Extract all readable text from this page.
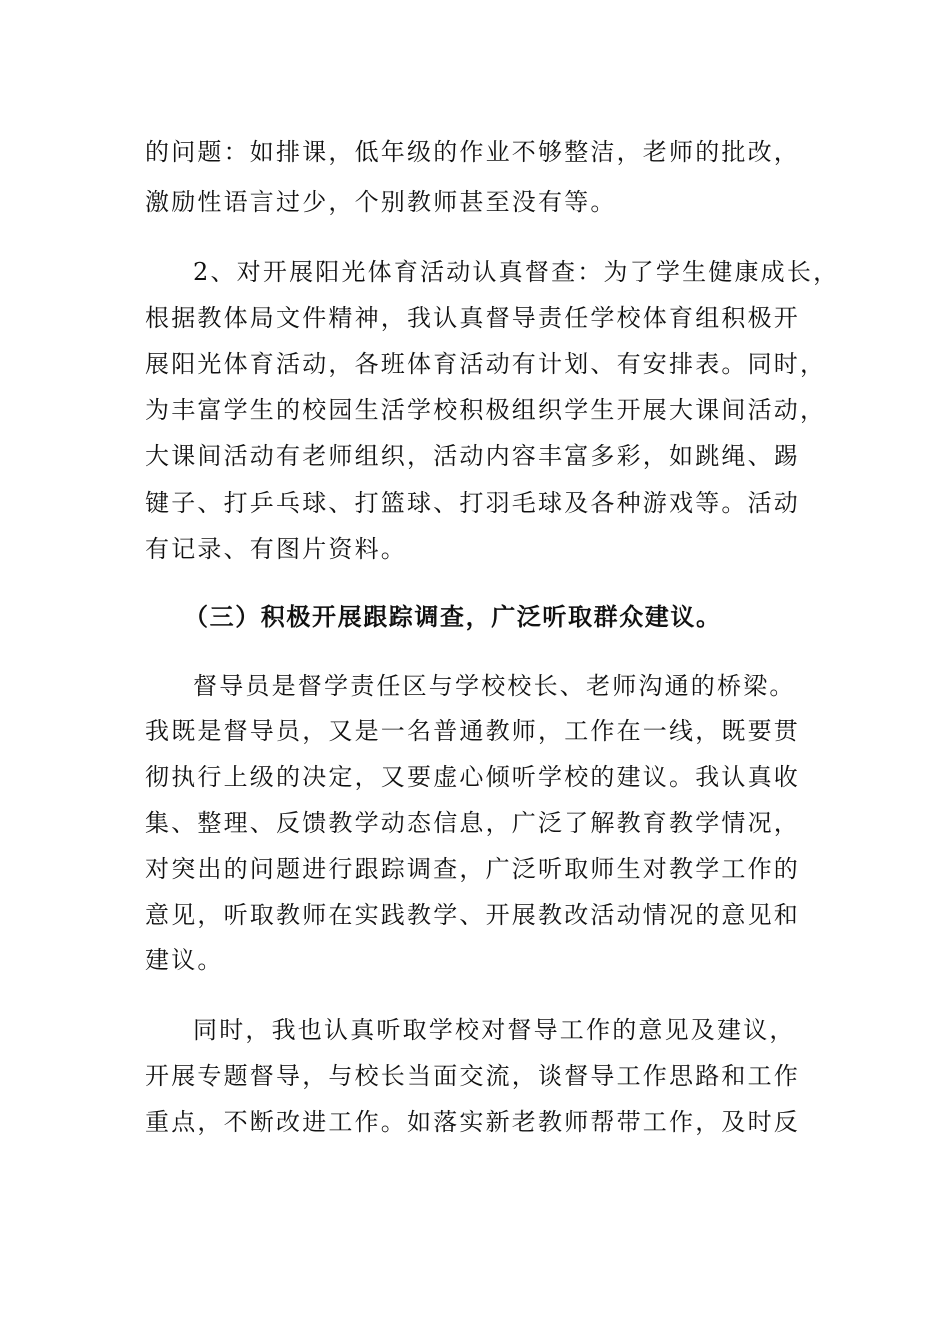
的问题：如排课，低年级的作业不够整洁，老师的批改，
激励性语言过少，个别教师甚至没有等。
2、对开展阳光体育活动认真督查：为了学生健康成长，
根据教体局文件精神，我认真督导责任学校体育组积极开
展阳光体育活动，各班体育活动有计划、有安排表。同时，
为丰富学生的校园生活学校积极组织学生开展大课间活动，
大课间活动有老师组织，活动内容丰富多彩，如跳绳、踢
键子、打乒乓球、打篮球、打羽毛球及各种游戏等。活动
有记录、有图片资料。
（三）积极开展跟踪调查，广泛听取群众建议。
督导员是督学责任区与学校校长、老师沟通的桥梁。
我既是督导员，又是一名普通教师，工作在一线，既要贯
彻执行上级的决定，又要虚心倾听学校的建议。我认真收
集、整理、反馈教学动态信息，广泛了解教育教学情况，
对突出的问题进行跟踪调查，广泛听取师生对教学工作的
意见，听取教师在实践教学、开展教改活动情况的意见和
建议。
同时，我也认真听取学校对督导工作的意见及建议，
开展专题督导，与校长当面交流，谈督导工作思路和工作
重点，不断改进工作。如落实新老教师帮带工作，及时反
